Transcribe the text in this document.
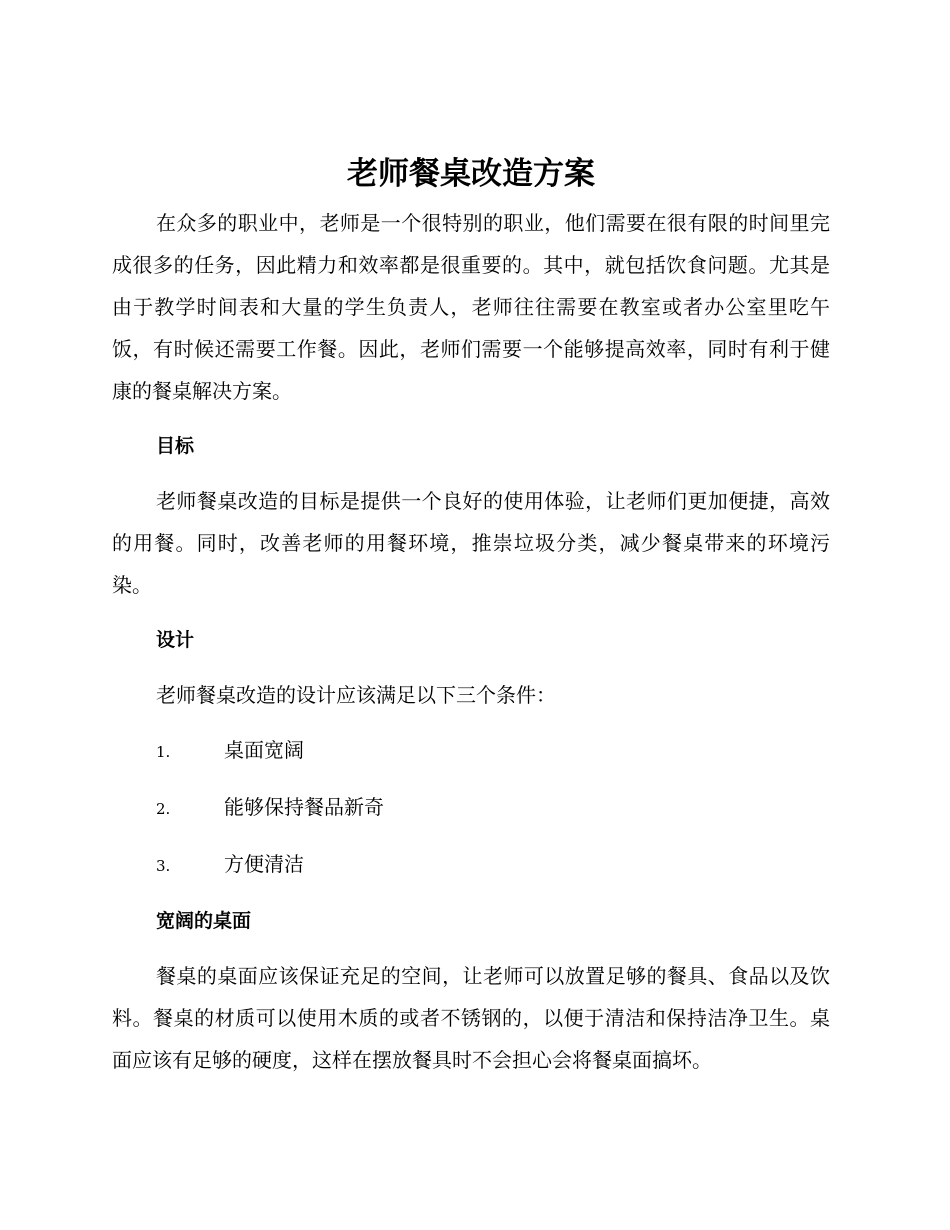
老师餐桌改造方案

在众多的职业中，老师是一个很特别的职业，他们需要在很有限的时间里完成很多的任务，因此精力和效率都是很重要的。其中，就包括饮食问题。尤其是由于教学时间表和大量的学生负责人，老师往往需要在教室或者办公室里吃午饭，有时候还需要工作餐。因此，老师们需要一个能够提高效率，同时有利于健康的餐桌解决方案。

目标

老师餐桌改造的目标是提供一个良好的使用体验，让老师们更加便捷，高效的用餐。同时，改善老师的用餐环境，推崇垃圾分类，减少餐桌带来的环境污染。

设计

老师餐桌改造的设计应该满足以下三个条件：

1.	桌面宽阔
2.	能够保持餐品新奇
3.	方便清洁
宽阔的桌面

餐桌的桌面应该保证充足的空间，让老师可以放置足够的餐具、食品以及饮料。餐桌的材质可以使用木质的或者不锈钢的，以便于清洁和保持洁净卫生。桌面应该有足够的硬度，这样在摆放餐具时不会担心会将餐桌面搞坏。
